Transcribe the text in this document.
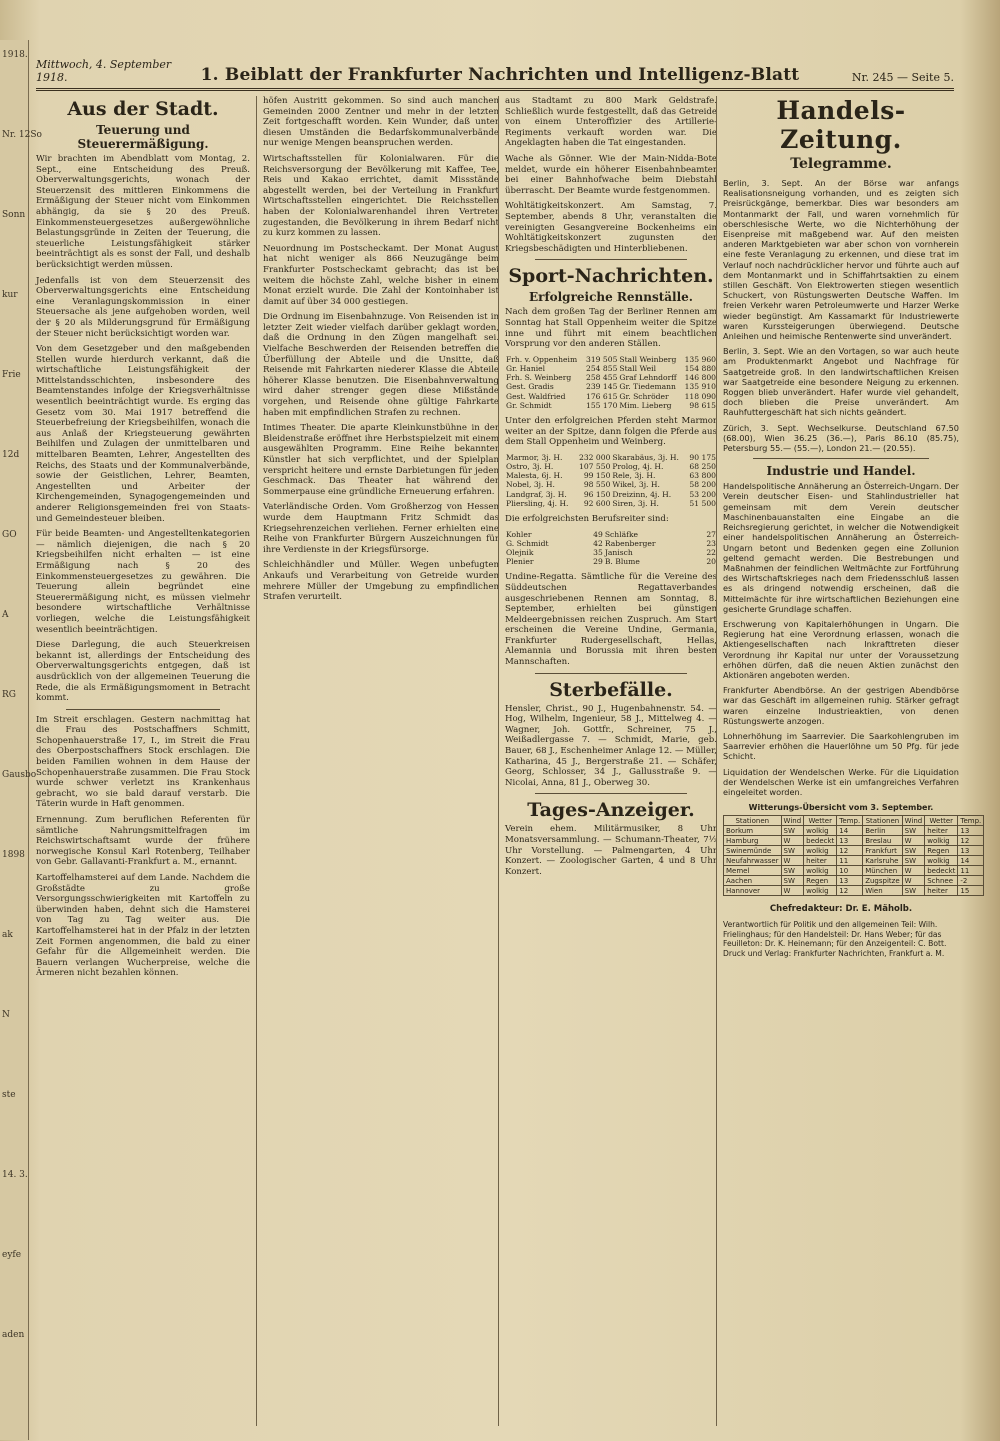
1918.
Nr. 12So
Sonn
kur
Frie
12d
GO
A
RG
Gausbo
1898
ak
N
ste
14. 3.
eyfe
aden
Mittwoch, 4. September 1918.	1. Beiblatt der Frankfurter Nachrichten und Intelligenz-Blatt	Nr. 245 — Seite 5.
Aus der Stadt.
Teuerung und Steuerermäßigung.

Wir brachten im Abendblatt vom Montag, 2. Sept., eine Entscheidung des Preuß. Oberverwaltungsgerichts, wonach der Steuerzensit des mittleren Einkommens die Ermäßigung der Steuer nicht vom Einkommen abhängig, da sie § 20 des Preuß. Einkommensteuergesetzes außergewöhnliche Belastungsgründe in Zeiten der Teuerung, die steuerliche Leistungsfähigkeit stärker beeinträchtigt als es sonst der Fall, und deshalb berücksichtigt werden müssen.

Jedenfalls ist von dem Steuerzensit des Oberverwaltungsgerichts eine Entscheidung eine Veranlagungskommission in einer Steuersache als jene aufgehoben worden, weil der § 20 als Milderungsgrund für Ermäßigung der Steuer nicht berücksichtigt worden war.

Von dem Gesetzgeber und den maßgebenden Stellen wurde hierdurch verkannt, daß die wirtschaftliche Leistungsfähigkeit der Mittelstandsschichten, insbesondere des Beamtenstandes infolge der Kriegsverhältnisse wesentlich beeinträchtigt wurde. Es erging das Gesetz vom 30. Mai 1917 betreffend die Steuerbefreiung der Kriegsbeihilfen, wonach die aus Anlaß der Kriegsteuerung gewährten Beihilfen und Zulagen der unmittelbaren und mittelbaren Beamten, Lehrer, Angestellten des Reichs, des Staats und der Kommunalverbände, sowie der Geistlichen, Lehrer, Beamten, Angestellten und Arbeiter der Kirchengemeinden, Synagogengemeinden und anderer Religionsgemeinden frei von Staats- und Gemeindesteuer bleiben.

Für beide Beamten- und Angestelltenkategorien — nämlich diejenigen, die nach § 20 Kriegsbeihilfen nicht erhalten — ist eine Ermäßigung nach § 20 des Einkommensteuergesetzes zu gewähren. Die Teuerung allein begründet eine Steuerermäßigung nicht, es müssen vielmehr besondere wirtschaftliche Verhältnisse vorliegen, welche die Leistungsfähigkeit wesentlich beeinträchtigen.

Diese Darlegung, die auch Steuerkreisen bekannt ist, allerdings der Entscheidung des Oberverwaltungsgerichts entgegen, daß ist ausdrücklich von der allgemeinen Teuerung die Rede, die als Ermäßigungsmoment in Betracht kommt.

Im Streit erschlagen. Gestern nachmittag hat die Frau des Postschaffners Schmitt, Schopenhauerstraße 17, I., im Streit die Frau des Oberpostschaffners Stock erschlagen. Die beiden Familien wohnen in dem Hause der Schopenhauerstraße zusammen. Die Frau Stock wurde schwer verletzt ins Krankenhaus gebracht, wo sie bald darauf verstarb. Die Täterin wurde in Haft genommen.

Ernennung. Zum beruflichen Referenten für sämtliche Nahrungsmittelfragen im Reichswirtschaftsamt wurde der frühere norwegische Konsul Karl Rotenberg, Teilhaber von Gebr. Gallavanti-Frankfurt a. M., ernannt.

Kartoffelhamsterei auf dem Lande. Nachdem die Großstädte zu große Versorgungsschwierigkeiten mit Kartoffeln zu überwinden haben, dehnt sich die Hamsterei von Tag zu Tag weiter aus. Die Kartoffelhamsterei hat in der Pfalz in der letzten Zeit Formen angenommen, die bald zu einer Gefahr für die Allgemeinheit werden. Die Bauern verlangen Wucherpreise, welche die Ärmeren nicht bezahlen können.

höfen Austritt gekommen. So sind auch manchen Gemeinden 2000 Zentner und mehr in der letzten Zeit fortgeschafft worden. Kein Wunder, daß unter diesen Umständen die Bedarfskommunalverbände nur wenige Mengen beanspruchen werden.

Wirtschaftsstellen für Kolonialwaren. Für die Reichsversorgung der Bevölkerung mit Kaffee, Tee, Reis und Kakao errichtet, damit Missstände abgestellt werden, bei der Verteilung in Frankfurt Wirtschaftsstellen eingerichtet. Die Reichsstellen haben der Kolonialwarenhandel ihren Vertreter zugestanden, die Bevölkerung in ihrem Bedarf nicht zu kurz kommen zu lassen.

Neuordnung im Postscheckamt. Der Monat August hat nicht weniger als 866 Neuzugänge beim Frankfurter Postscheckamt gebracht; das ist bei weitem die höchste Zahl, welche bisher in einem Monat erzielt wurde. Die Zahl der Kontoinhaber ist damit auf über 34 000 gestiegen.

Die Ordnung im Eisenbahnzuge. Von Reisenden ist in letzter Zeit wieder vielfach darüber geklagt worden, daß die Ordnung in den Zügen mangelhaft sei. Vielfache Beschwerden der Reisenden betreffen die Überfüllung der Abteile und die Unsitte, daß Reisende mit Fahrkarten niederer Klasse die Abteile höherer Klasse benutzen. Die Eisenbahnverwaltung wird daher strenger gegen diese Mißstände vorgehen, und Reisende ohne gültige Fahrkarte haben mit empfindlichen Strafen zu rechnen.

Intimes Theater. Die aparte Kleinkunstbühne in der Bleidenstraße eröffnet ihre Herbstspielzeit mit einem ausgewählten Programm. Eine Reihe bekannter Künstler hat sich verpflichtet, und der Spielplan verspricht heitere und ernste Darbietungen für jeden Geschmack. Das Theater hat während der Sommerpause eine gründliche Erneuerung erfahren.

Vaterländische Orden. Vom Großherzog von Hessen wurde dem Hauptmann Fritz Schmidt das Kriegsehrenzeichen verliehen. Ferner erhielten eine Reihe von Frankfurter Bürgern Auszeichnungen für ihre Verdienste in der Kriegsfürsorge.

Schleichhändler und Müller. Wegen unbefugten Ankaufs und Verarbeitung von Getreide wurden mehrere Müller der Umgebung zu empfindlichen Strafen verurteilt.

aus Stadtamt zu 800 Mark Geldstrafe. Schließlich wurde festgestellt, daß das Getreide von einem Unteroffizier des Artillerie-Regiments verkauft worden war. Die Angeklagten haben die Tat eingestanden.

Wache als Gönner. Wie der Main-Nidda-Bote meldet, wurde ein höherer Eisenbahnbeamter bei einer Bahnhofwache beim Diebstahl überrascht. Der Beamte wurde festgenommen.

Wohltätigkeitskonzert. Am Samstag, 7. September, abends 8 Uhr, veranstalten die vereinigten Gesangvereine Bockenheims ein Wohltätigkeitskonzert zugunsten der Kriegsbeschädigten und Hinterbliebenen.

Sport-Nachrichten.
Erfolgreiche Rennställe.

Nach dem großen Tag der Berliner Rennen am Sonntag hat Stall Oppenheim weiter die Spitze inne und führt mit einem beachtlichen Vorsprung vor den anderen Ställen.

Frh. v. Oppenheim	319 505	Stall Weinberg	135 960
Gr. Haniel	254 855	Stall Weil	154 880
Frh. S. Weinberg	258 455	Graf Lehndorff	146 800
Gest. Gradis	239 145	Gr. Tiedemann	135 910
Gest. Waldfried	176 615	Gr. Schröder	118 090
Gr. Schmidt	155 170	Mim. Lieberg	98 615

Unter den erfolgreichen Pferden steht Marmor weiter an der Spitze, dann folgen die Pferde aus dem Stall Oppenheim und Weinberg.

Marmor, 3j. H.	232 000	Skarabäus, 3j. H.	90 175
Ostro, 3j. H.	107 550	Prolog, 4j. H.	68 250
Malesta, 6j. H.	99 150	Rele, 3j. H.	63 800
Nobel, 3j. H.	98 550	Wikel, 3j. H.	58 200
Landgraf, 3j. H.	96 150	Dreizinn, 4j. H.	53 200
Pliersling, 4j. H.	92 600	Siren, 3j. H.	51 500

Die erfolgreichsten Berufsreiter sind:

Kohler	49	Schläfke	27
G. Schmidt	42	Rabenberger	23
Olejnik	35	Janisch	22
Plenier	29	B. Blume	20

Undine-Regatta. Sämtliche für die Vereine des Süddeutschen Regattaverbandes ausgeschriebenen Rennen am Sonntag, 8. September, erhielten bei günstigen Meldeergebnissen reichen Zuspruch. Am Start erscheinen die Vereine Undine, Germania, Frankfurter Rudergesellschaft, Hellas, Alemannia und Borussia mit ihren besten Mannschaften.

Sterbefälle.

Hensler, Christ., 90 J., Hugenbahnenstr. 54. — Hog, Wilhelm, Ingenieur, 58 J., Mittelweg 4. — Wagner, Joh. Gottfr., Schreiner, 75 J., Weißadlergasse 7. — Schmidt, Marie, geb. Bauer, 68 J., Eschenheimer Anlage 12. — Müller, Katharina, 45 J., Bergerstraße 21. — Schäfer, Georg, Schlosser, 34 J., Gallusstraße 9. — Nicolai, Anna, 81 J., Oberweg 30.

Tages-Anzeiger.

Verein ehem. Militärmusiker, 8 Uhr Monatsversammlung. — Schumann-Theater, 7½ Uhr Vorstellung. — Palmengarten, 4 Uhr Konzert. — Zoologischer Garten, 4 und 8 Uhr Konzert.

Handels-Zeitung.
Telegramme.

Berlin, 3. Sept. An der Börse war anfangs Realisationsneigung vorhanden, und es zeigten sich Preisrückgänge, bemerkbar. Dies war besonders am Montanmarkt der Fall, und waren vornehmlich für oberschlesische Werte, wo die Nichterhöhung der Eisenpreise mit maßgebend war. Auf den meisten anderen Marktgebieten war aber schon von vornherein eine feste Veranlagung zu erkennen, und diese trat im Verlauf noch nachdrücklicher hervor und führte auch auf dem Montanmarkt und in Schiffahrtsaktien zu einem stillen Geschäft. Von Elektrowerten stiegen wesentlich Schuckert, von Rüstungswerten Deutsche Waffen. Im freien Verkehr waren Petroleumwerte und Harzer Werke wieder begünstigt. Am Kassamarkt für Industriewerte waren Kurssteigerungen überwiegend. Deutsche Anleihen und heimische Rentenwerte sind unverändert.

Berlin, 3. Sept. Wie an den Vortagen, so war auch heute am Produktenmarkt Angebot und Nachfrage für Saatgetreide groß. In den landwirtschaftlichen Kreisen war Saatgetreide eine besondere Neigung zu erkennen. Roggen blieb unverändert. Hafer wurde viel gehandelt, doch blieben die Preise unverändert. Am Rauhfuttergeschäft hat sich nichts geändert.

Zürich, 3. Sept. Wechselkurse. Deutschland 67.50 (68.00), Wien 36.25 (36.—), Paris 86.10 (85.75), Petersburg 55.— (55.—), London 21.— (20.55).

Industrie und Handel.

Handelspolitische Annäherung an Österreich-Ungarn. Der Verein deutscher Eisen- und Stahlindustrieller hat gemeinsam mit dem Verein deutscher Maschinenbauanstalten eine Eingabe an die Reichsregierung gerichtet, in welcher die Notwendigkeit einer handelspolitischen Annäherung an Österreich-Ungarn betont und Bedenken gegen eine Zollunion geltend gemacht werden. Die Bestrebungen und Maßnahmen der feindlichen Weltmächte zur Fortführung des Wirtschaftskrieges nach dem Friedensschluß lassen es als dringend notwendig erscheinen, daß die Mittelmächte für ihre wirtschaftlichen Beziehungen eine gesicherte Grundlage schaffen.

Erschwerung von Kapitalerhöhungen in Ungarn. Die Regierung hat eine Verordnung erlassen, wonach die Aktiengesellschaften nach Inkrafttreten dieser Verordnung ihr Kapital nur unter der Voraussetzung erhöhen dürfen, daß die neuen Aktien zunächst den Aktionären angeboten werden.

Frankfurter Abendbörse. An der gestrigen Abendbörse war das Geschäft im allgemeinen ruhig. Stärker gefragt waren einzelne Industrieaktien, von denen Rüstungswerte anzogen.

Lohnerhöhung im Saarrevier. Die Saarkohlengruben im Saarrevier erhöhen die Hauerlöhne um 50 Pfg. für jede Schicht.

Liquidation der Wendelschen Werke. Für die Liquidation der Wendelschen Werke ist ein umfangreiches Verfahren eingeleitet worden.

Witterungs-Übersicht vom 3. September.
Stationen	Wind	Wetter	Temp.	Stationen	Wind	Wetter	Temp.
Borkum	SW	wolkig	14	Berlin	SW	heiter	13
Hamburg	W	bedeckt	13	Breslau	W	wolkig	12
Swinemünde	SW	wolkig	12	Frankfurt	SW	Regen	13
Neufahrwasser	W	heiter	11	Karlsruhe	SW	wolkig	14
Memel	SW	wolkig	10	München	W	bedeckt	11
Aachen	SW	Regen	13	Zugspitze	W	Schnee	-2
Hannover	W	wolkig	12	Wien	SW	heiter	15
Chefredakteur: Dr. E. Mäholb.
Verantwortlich für Politik und den allgemeinen Teil: Wilh. Frielinghaus; für den Handelsteil: Dr. Hans Weber; für das Feuilleton: Dr. K. Heinemann; für den Anzeigenteil: C. Bott. Druck und Verlag: Frankfurter Nachrichten, Frankfurt a. M.
